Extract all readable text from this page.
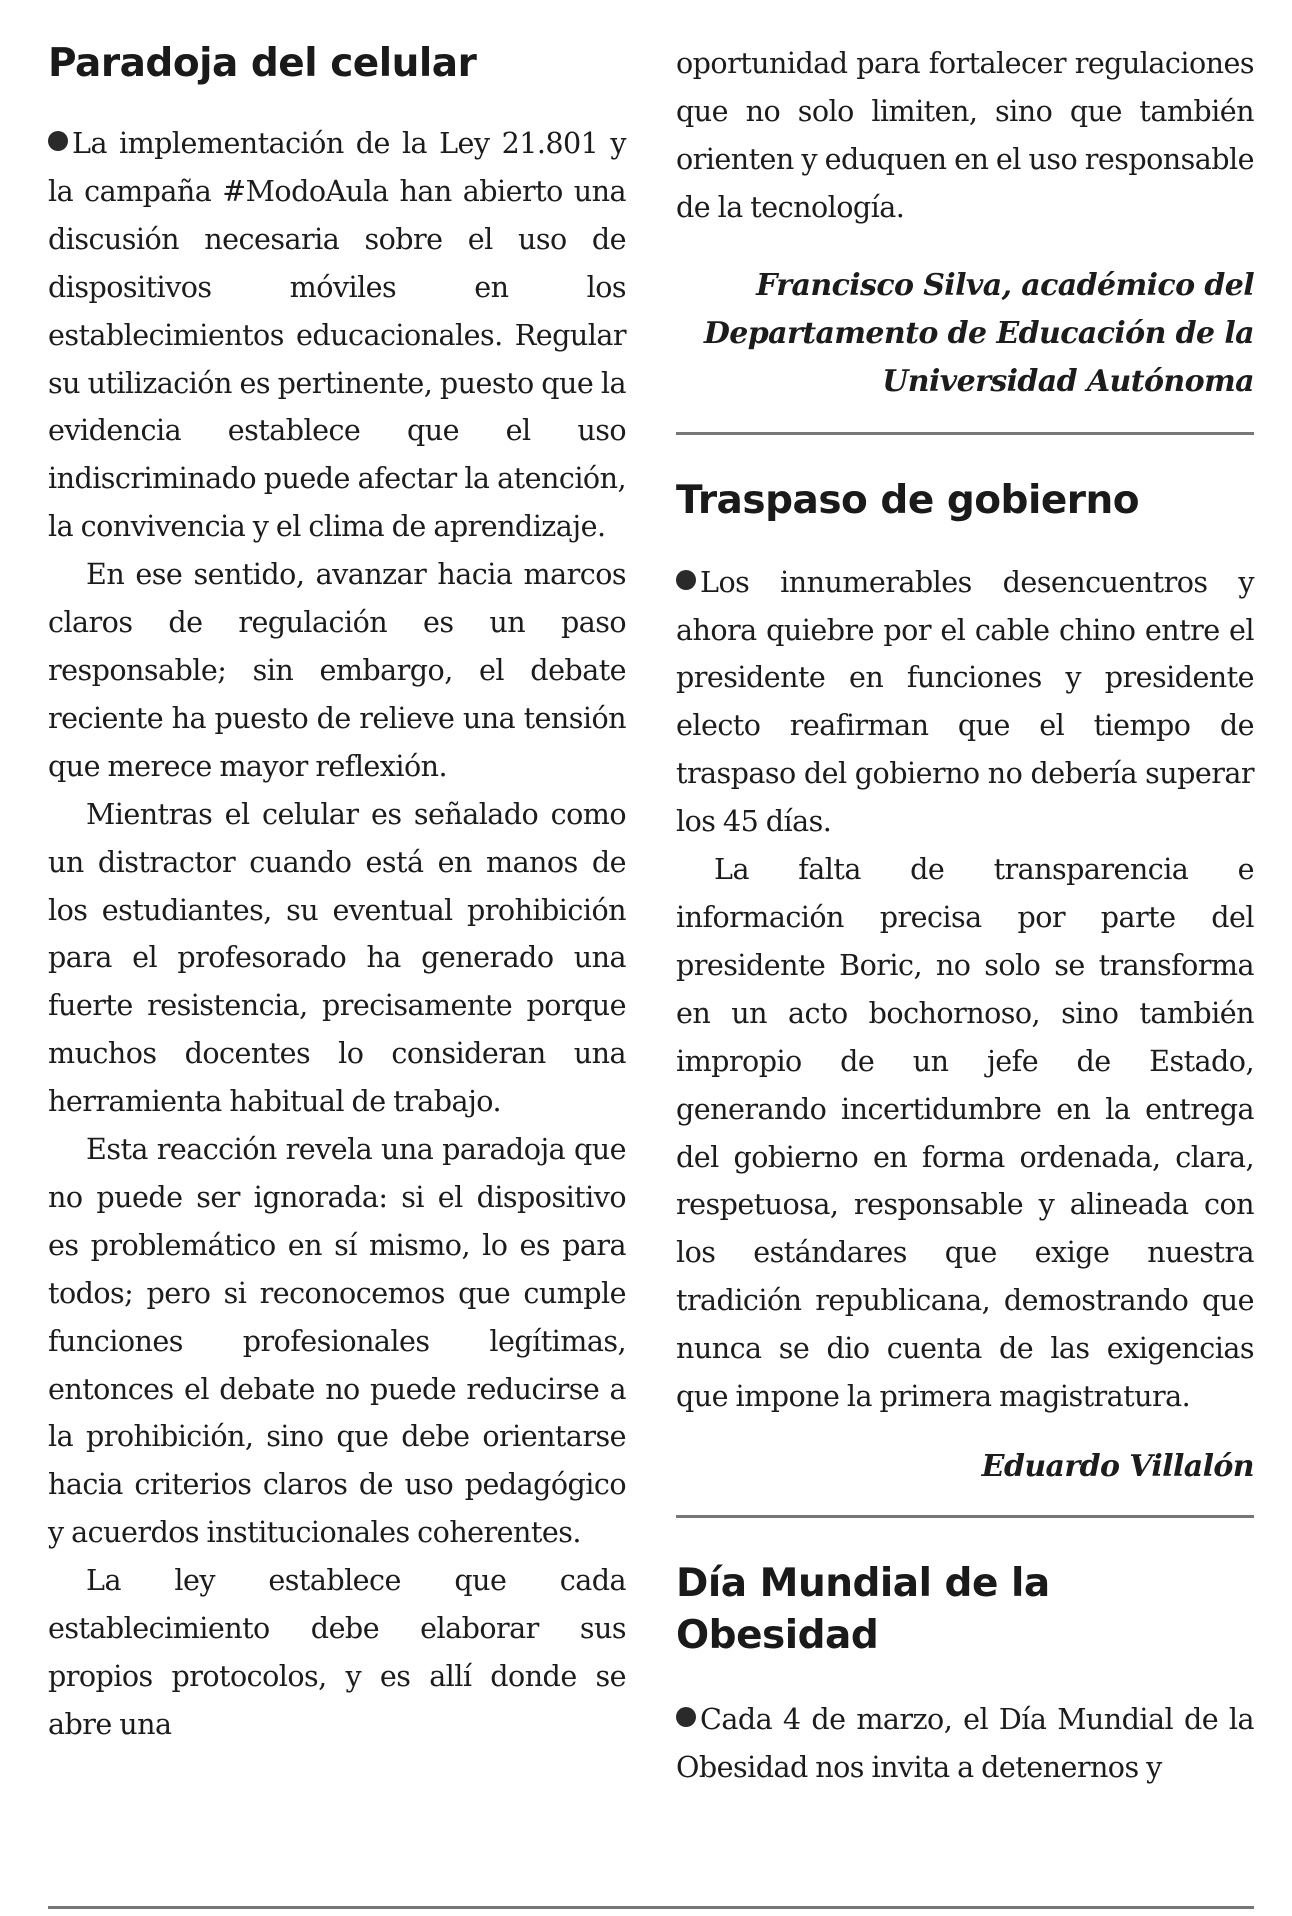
Paradoja del celular

La implementación de la Ley 21.801 y la campaña #ModoAula han abierto una discusión necesaria sobre el uso de dispositivos móviles en los establecimientos educacionales. Regular su utilización es pertinente, puesto que la evidencia establece que el uso indiscriminado puede afectar la atención, la convivencia y el clima de aprendizaje.

En ese sentido, avanzar hacia marcos claros de regulación es un paso responsable; sin embargo, el debate reciente ha puesto de relieve una tensión que merece mayor reflexión.

Mientras el celular es señalado como un distractor cuando está en manos de los estudiantes, su eventual prohibición para el profesorado ha generado una fuerte resistencia, precisamente porque muchos docentes lo consideran una herramienta habitual de trabajo.

Esta reacción revela una paradoja que no puede ser ignorada: si el dispositivo es problemático en sí mismo, lo es para todos; pero si reconocemos que cumple funciones profesionales legítimas, entonces el debate no puede reducirse a la prohibición, sino que debe orientarse hacia criterios claros de uso pedagógico y acuerdos institucionales coherentes.

La ley establece que cada establecimiento debe elaborar sus propios protocolos, y es allí donde se abre una

oportunidad para fortalecer regulaciones que no solo limiten, sino que también orienten y eduquen en el uso responsable de la tecnología.

Francisco Silva, académico del Departamento de Educación de la Universidad Autónoma

Traspaso de gobierno

Los innumerables desencuentros y ahora quiebre por el cable chino entre el presidente en funciones y presidente electo reafirman que el tiempo de traspaso del gobierno no debería superar los 45 días.

La falta de transparencia e información precisa por parte del presidente Boric, no solo se transforma en un acto bochornoso, sino también impropio de un jefe de Estado, generando incertidumbre en la entrega del gobierno en forma ordenada, clara, respetuosa, responsable y alineada con los estándares que exige nuestra tradición republicana, demostrando que nunca se dio cuenta de las exigencias que impone la primera magistratura.

Eduardo Villalón

Día Mundial de la Obesidad

Cada 4 de marzo, el Día Mundial de la Obesidad nos invita a detenernos y
